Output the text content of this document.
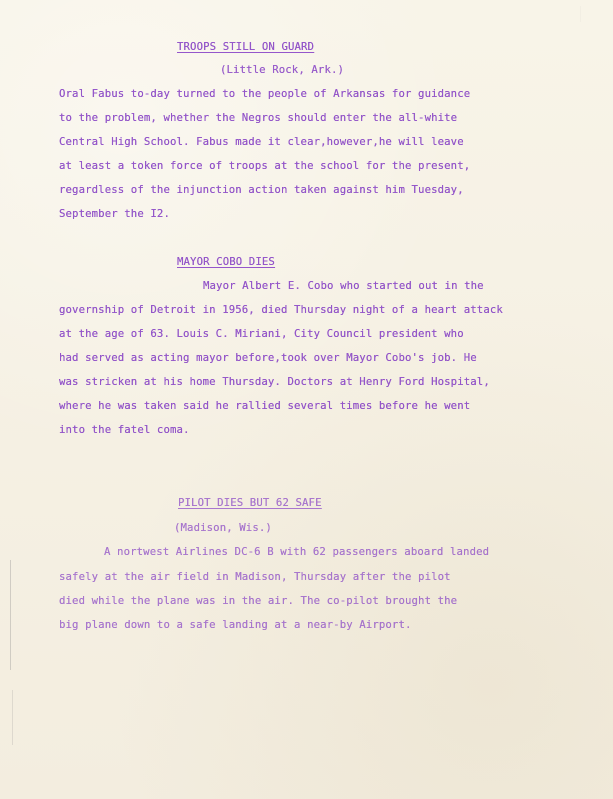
TROOPS STILL ON GUARD

(Little Rock, Ark.)

Oral Fabus to-day turned to the people of Arkansas for guidance

to the problem, whether the Negros should enter the all-white

Central High School. Fabus made it clear,however,he will leave

at least a token force of troops at the school for the present,

regardless of the injunction action taken against him Tuesday,

September the I2.

MAYOR COBO DIES

Mayor Albert E. Cobo who started out in the

governship of Detroit in 1956, died Thursday night of a heart attack

at the age of 63. Louis C. Miriani, City Council president who

had served as acting mayor before,took over Mayor Cobo's job. He

was stricken at his home Thursday. Doctors at Henry Ford Hospital,

where he was taken said he rallied several times before he went

into the fatel coma.

PILOT DIES BUT 62 SAFE

(Madison, Wis.)

A nortwest Airlines DC-6 B with 62 passengers aboard landed

safely at the air field in Madison, Thursday after the pilot

died while the plane was in the air. The co-pilot brought the

big plane down to a safe landing at a near-by Airport.
